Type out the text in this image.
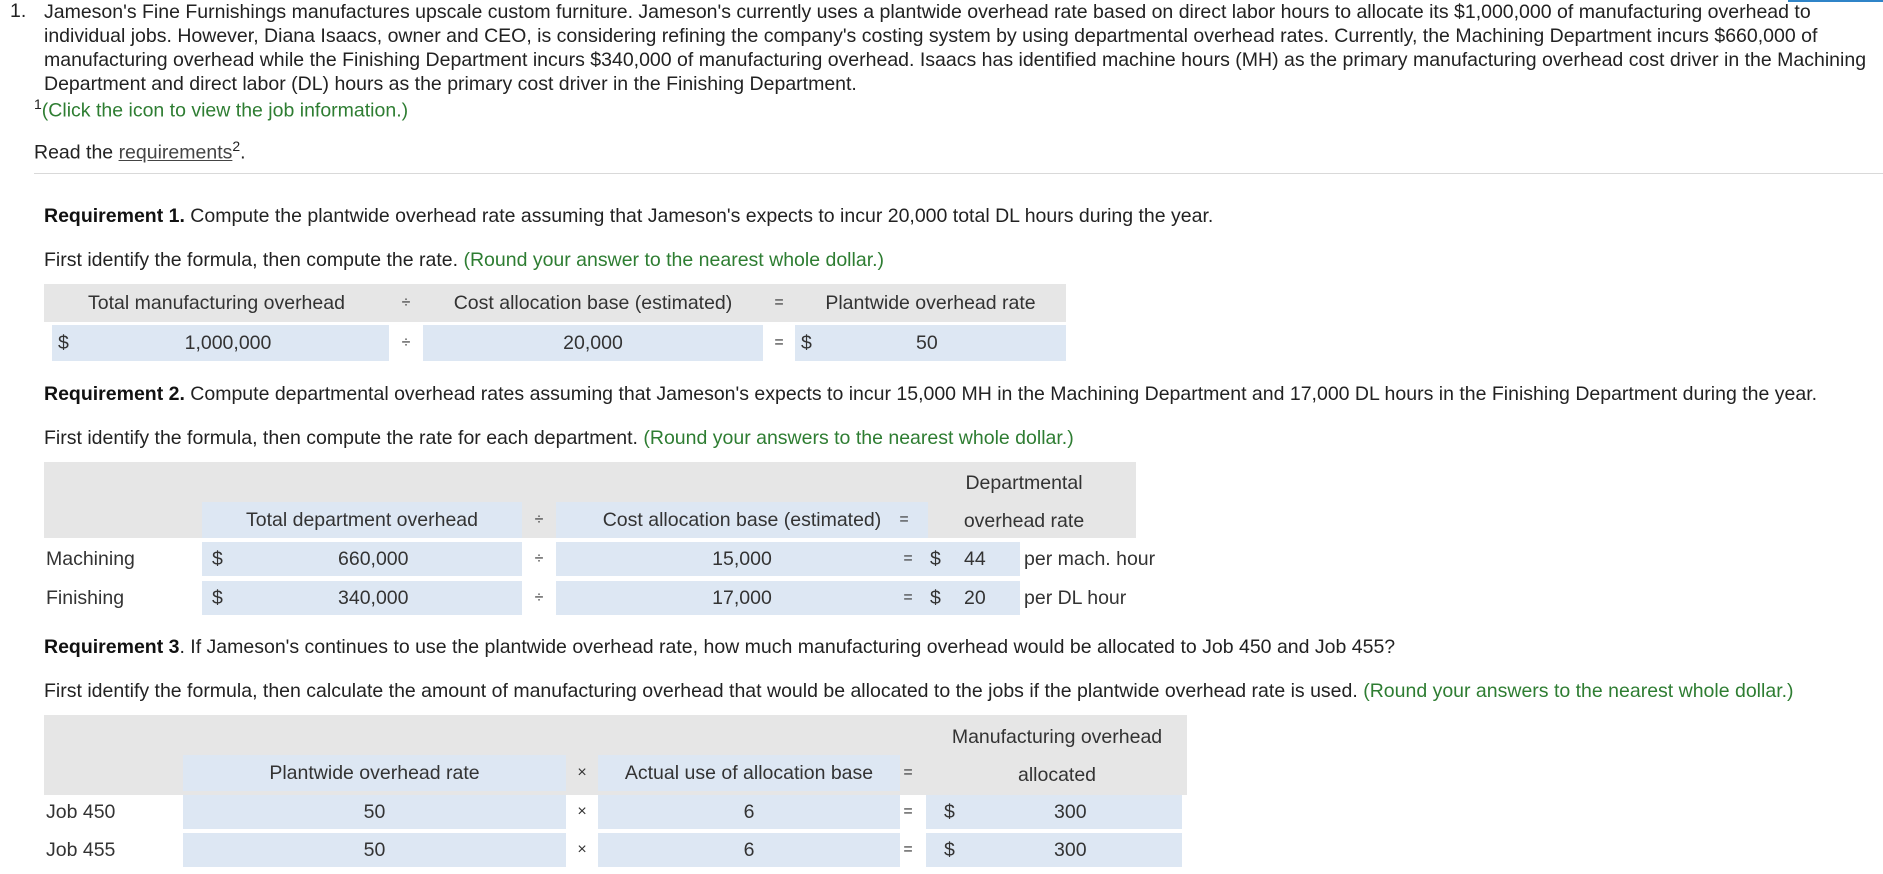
1. Jameson's Fine Furnishings manufactures upscale custom furniture. Jameson's currently uses a plantwide overhead rate based on direct labor hours to allocate its $1,000,000 of manufacturing overhead to individual jobs. However, Diana Isaacs, owner and CEO, is considering refining the company's costing system by using departmental overhead rates. Currently, the Machining Department incurs $660,000 of manufacturing overhead while the Finishing Department incurs $340,000 of manufacturing overhead. Isaacs has identified machine hours (MH) as the primary manufacturing overhead cost driver in the Machining Department and direct labor (DL) hours as the primary cost driver in the Finishing Department.
$^1$(Click the icon to view the job information.)
Read the requirements$^2$.
Requirement 1. Compute the plantwide overhead rate assuming that Jameson's expects to incur 20,000 total DL hours during the year.
First identify the formula, then compute the rate. (Round your answer to the nearest whole dollar.)
Total manufacturing overhead	÷	Cost allocation base (estimated)	=	Plantwide overhead rate
$	1,000,000	÷	20,000	= $	50
Requirement 2. Compute departmental overhead rates assuming that Jameson's expects to incur 15,000 MH in the Machining Department and 17,000 DL hours in the Finishing Department during the year.
First identify the formula, then compute the rate for each department. (Round your answers to the nearest whole dollar.)
Departmental
overhead rate
Total department overhead	÷	Cost allocation base (estimated)	=
Machining	$	660,000	÷	15,000	= $	44	per mach. hour
Finishing	$	340,000	÷	17,000	= $	20	per DL hour
Requirement 3. If Jameson's continues to use the plantwide overhead rate, how much manufacturing overhead would be allocated to Job 450 and Job 455?
First identify the formula, then calculate the amount of manufacturing overhead that would be allocated to the jobs if the plantwide overhead rate is used. (Round your answers to the nearest whole dollar.)
Manufacturing overhead
allocated
Plantwide overhead rate	×	Actual use of allocation base	=
Job 450	50	×	6	=	$	300
Job 455	50	×	6	=	$	300
